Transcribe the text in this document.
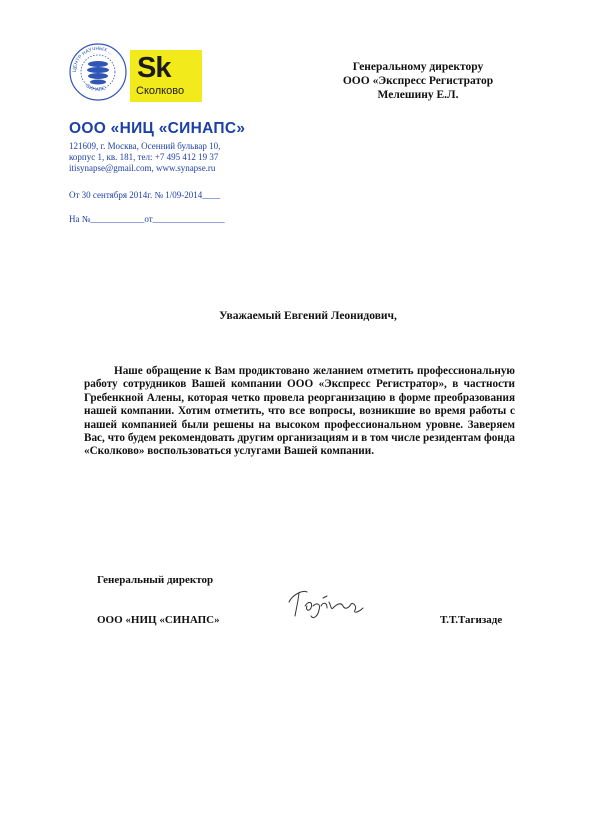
ЦЕНТР НАУЧНЫХ ...
СИНАПС
Sk
Сколково
ООО «НИЦ «СИНАПС»
121609, г. Москва, Осенний бульвар 10,
корпус 1, кв. 181, тел: +7 495 412 19 37
itisynapse@gmail.com, www.synapse.ru
От 30 сентября 2014г. № 1/09-2014____
На №____________от________________
Генеральному директору
ООО «Экспресс Регистратор
Мелешину Е.Л.
Уважаемый Евгений Леонидович,
Наше обращение к Вам продиктовано желанием отметить профессиональную работу сотрудников Вашей компании ООО «Экспресс Регистратор», в частности Гребенкной Алены, которая четко провела реорганизацию в форме преобразования нашей компании. Хотим отметить, что все вопросы, возникшие во время работы с нашей компанией были решены на высоком профессиональном уровне. Заверяем Вас, что будем рекомендовать другим организациям и в том числе резидентам фонда «Сколково» воспользоваться услугами Вашей компании.
Генеральный директор
ООО «НИЦ «СИНАПС»	Т.Т.Тагизаде
